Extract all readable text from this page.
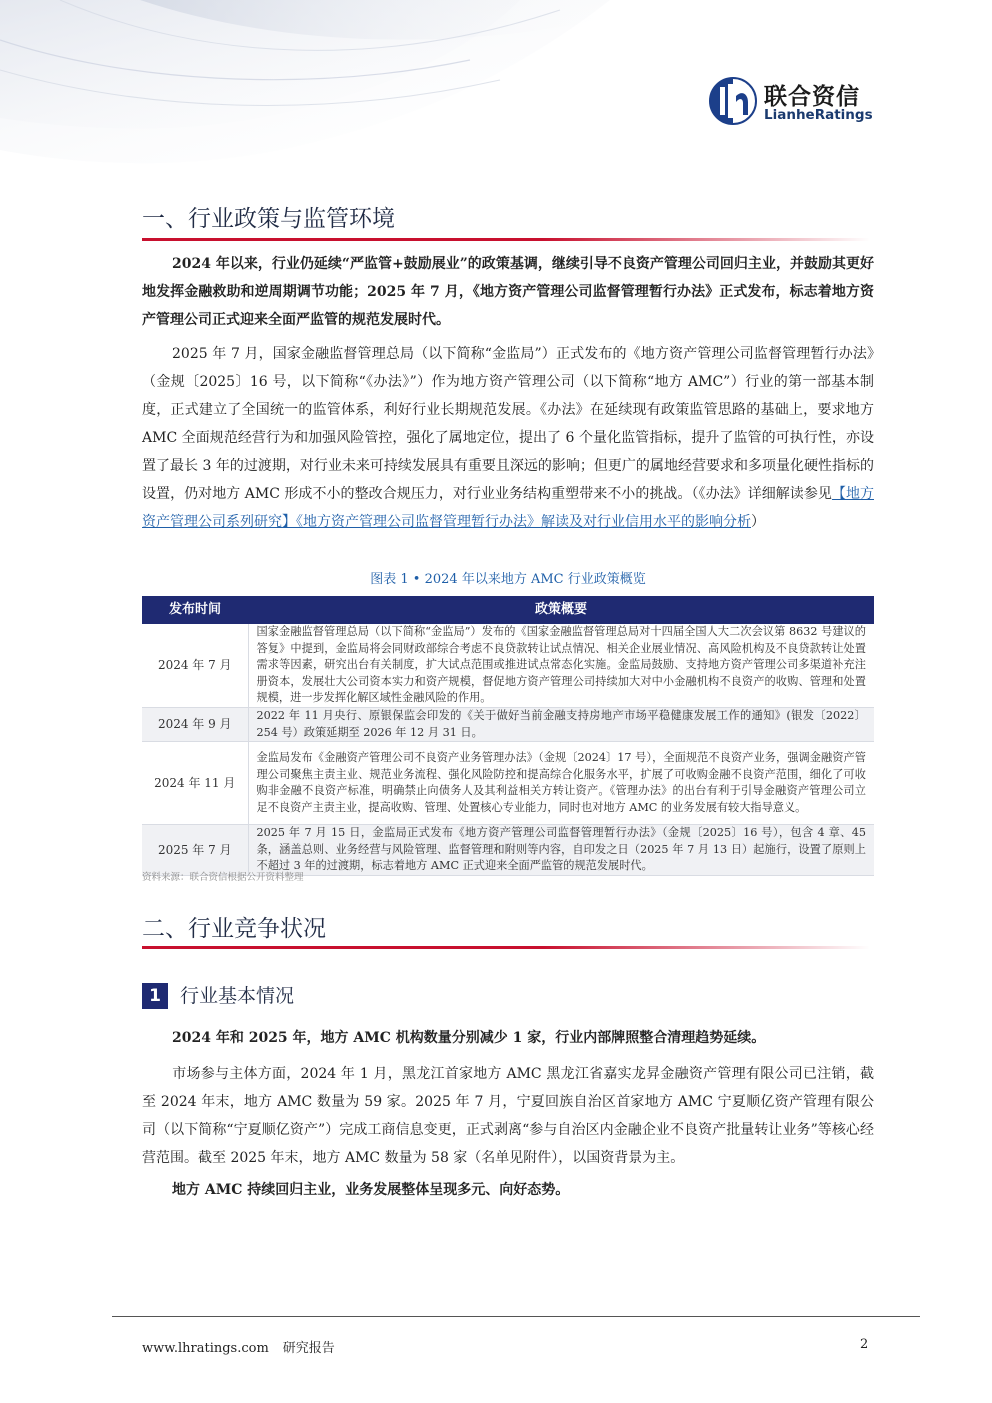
联合资信
LianheRatings
一、行业政策与监管环境

2024 年以来，行业仍延续“严监管+鼓励展业”的政策基调，继续引导不良资产管理公司回归主业，并鼓励其更好地发挥金融救助和逆周期调节功能；2025 年 7 月，《地方资产管理公司监督管理暂行办法》正式发布，标志着地方资产管理公司正式迎来全面严监管的规范发展时代。

2025 年 7 月，国家金融监督管理总局（以下简称“金监局”）正式发布的《地方资产管理公司监督管理暂行办法》（金规〔2025〕16 号，以下简称“《办法》”）作为地方资产管理公司（以下简称“地方 AMC”）行业的第一部基本制度，正式建立了全国统一的监管体系，利好行业长期规范发展。《办法》在延续现有政策监管思路的基础上，要求地方 AMC 全面规范经营行为和加强风险管控，强化了属地定位，提出了 6 个量化监管指标，提升了监管的可执行性，亦设置了最长 3 年的过渡期，对行业未来可持续发展具有重要且深远的影响；但更广的属地经营要求和多项量化硬性指标的设置，仍对地方 AMC 形成不小的整改合规压力，对行业业务结构重塑带来不小的挑战。（《办法》详细解读参见【地方资产管理公司系列研究】《地方资产管理公司监督管理暂行办法》解读及对行业信用水平的影响分析）

图表 1 • 2024 年以来地方 AMC 行业政策概览
发布时间	政策概要
2024 年 7 月	国家金融监督管理总局（以下简称“金监局”）发布的《国家金融监督管理总局对十四届全国人大二次会议第 8632 号建议的答复》中提到，金监局将会同财政部综合考虑不良贷款转让试点情况、相关企业展业情况、高风险机构及不良贷款转让处置需求等因素，研究出台有关制度，扩大试点范围或推进试点常态化实施。金监局鼓励、支持地方资产管理公司多渠道补充注册资本，发展壮大公司资本实力和资产规模，督促地方资产管理公司持续加大对中小金融机构不良资产的收购、管理和处置规模，进一步发挥化解区域性金融风险的作用。
2024 年 9 月	2022 年 11 月央行、原银保监会印发的《关于做好当前金融支持房地产市场平稳健康发展工作的通知》(银发〔2022〕254 号）政策延期至 2026 年 12 月 31 日。
2024 年 11 月	金监局发布《金融资产管理公司不良资产业务管理办法》（金规〔2024〕17 号），全面规范不良资产业务，强调金融资产管理公司聚焦主责主业、规范业务流程、强化风险防控和提高综合化服务水平，扩展了可收购金融不良资产范围，细化了可收购非金融不良资产标准，明确禁止向债务人及其利益相关方转让资产。《管理办法》的出台有利于引导金融资产管理公司立足不良资产主责主业，提高收购、管理、处置核心专业能力，同时也对地方 AMC 的业务发展有较大指导意义。
2025 年 7 月	2025 年 7 月 15 日，金监局正式发布《地方资产管理公司监督管理暂行办法》（金规〔2025〕16 号），包含 4 章、45 条，涵盖总则、业务经营与风险管理、监督管理和附则等内容，自印发之日（2025 年 7 月 13 日）起施行，设置了原则上不超过 3 年的过渡期，标志着地方 AMC 正式迎来全面严监管的规范发展时代。
资料来源：联合资信根据公开资料整理
二、行业竞争状况
1	行业基本情况

2024 年和 2025 年，地方 AMC 机构数量分别减少 1 家，行业内部牌照整合清理趋势延续。

市场参与主体方面，2024 年 1 月，黑龙江首家地方 AMC 黑龙江省嘉实龙昇金融资产管理有限公司已注销，截至 2024 年末，地方 AMC 数量为 59 家。2025 年 7 月，宁夏回族自治区首家地方 AMC 宁夏顺亿资产管理有限公司（以下简称“宁夏顺亿资产”）完成工商信息变更，正式剥离“参与自治区内金融企业不良资产批量转让业务”等核心经营范围。截至 2025 年末，地方 AMC 数量为 58 家（名单见附件），以国资背景为主。

地方 AMC 持续回归主业，业务发展整体呈现多元、向好态势。

www.lhratings.com 研究报告	2
